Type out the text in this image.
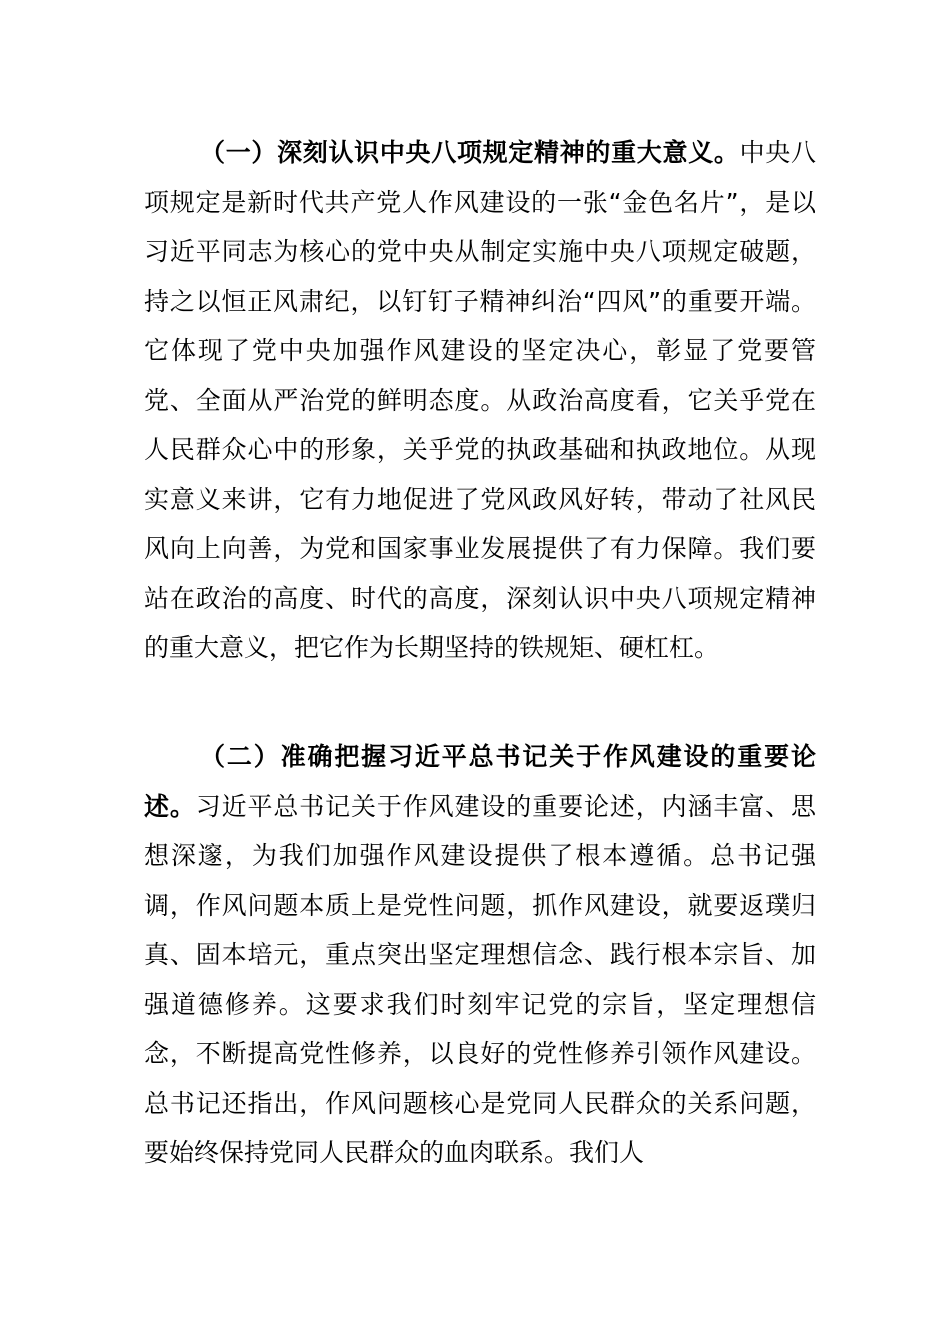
（一）深刻认识中央八项规定精神的重大意义。中央八项规定是新时代共产党人作风建设的一张“金色名片”，是以习近平同志为核心的党中央从制定实施中央八项规定破题，持之以恒正风肃纪，以钉钉子精神纠治“四风”的重要开端。它体现了党中央加强作风建设的坚定决心，彰显了党要管党、全面从严治党的鲜明态度。从政治高度看，它关乎党在人民群众心中的形象，关乎党的执政基础和执政地位。从现实意义来讲，它有力地促进了党风政风好转，带动了社风民风向上向善，为党和国家事业发展提供了有力保障。我们要站在政治的高度、时代的高度，深刻认识中央八项规定精神的重大意义，把它作为长期坚持的铁规矩、硬杠杠。

（二）准确把握习近平总书记关于作风建设的重要论述。习近平总书记关于作风建设的重要论述，内涵丰富、思想深邃，为我们加强作风建设提供了根本遵循。总书记强调，作风问题本质上是党性问题，抓作风建设，就要返璞归真、固本培元，重点突出坚定理想信念、践行根本宗旨、加强道德修养。这要求我们时刻牢记党的宗旨，坚定理想信念，不断提高党性修养，以良好的党性修养引领作风建设。总书记还指出，作风问题核心是党同人民群众的关系问题，要始终保持党同人民群众的血肉联系。我们人
